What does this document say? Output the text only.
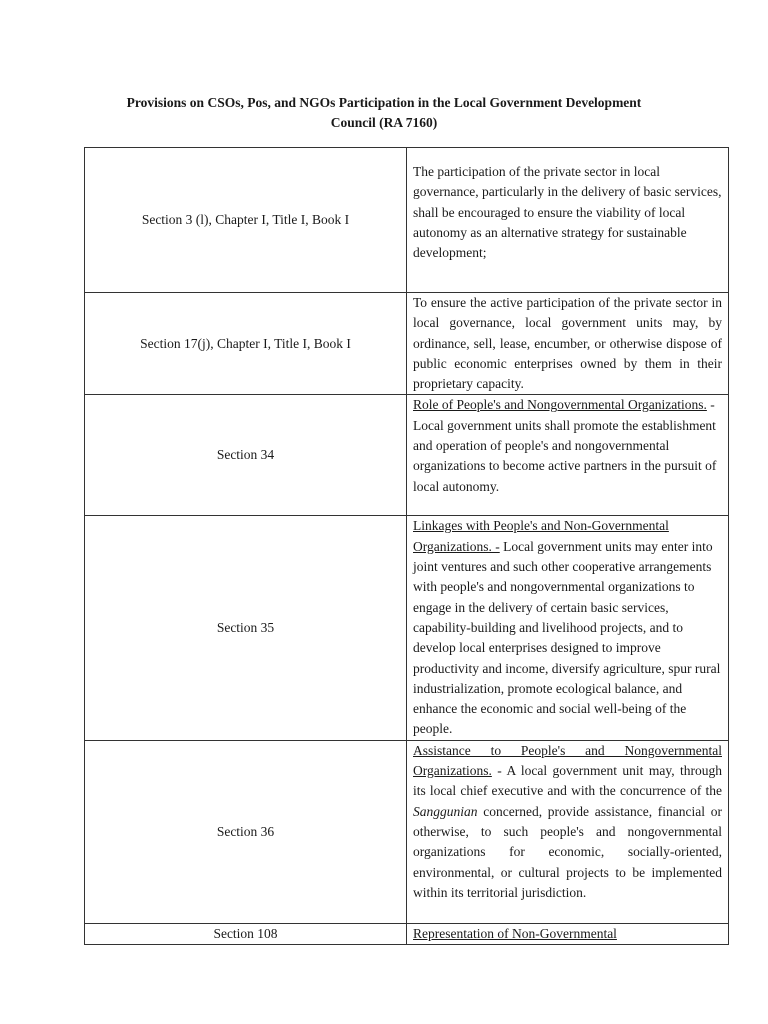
Provisions on CSOs, Pos, and NGOs Participation in the Local Government Development
Council (RA 7160)
Section 3 (l), Chapter I, Title I, Book I	The participation of the private sector in local governance, particularly in the delivery of basic services, shall be encouraged to ensure the viability of local autonomy as an alternative strategy for sustainable development;
Section 17(j), Chapter I, Title I, Book I	To ensure the active participation of the private sector in local governance, local government units may, by ordinance, sell, lease, encumber, or otherwise dispose of public economic enterprises owned by them in their proprietary capacity.
Section 34	Role of People's and Nongovernmental Organizations. - Local government units shall promote the establishment and operation of people's and nongovernmental organizations to become active partners in the pursuit of local autonomy.
Section 35	Linkages with People's and Non-Governmental Organizations. - Local government units may enter into joint ventures and such other cooperative arrangements with people's and nongovernmental organizations to engage in the delivery of certain basic services, capability-building and livelihood projects, and to develop local enterprises designed to improve productivity and income, diversify agriculture, spur rural industrialization, promote ecological balance, and enhance the economic and social well-being of the people.
Section 36	Assistance to People's and Nongovernmental Organizations. - A local government unit may, through its local chief executive and with the concurrence of the Sanggunian concerned, provide assistance, financial or otherwise, to such people's and nongovernmental organizations for economic, socially-oriented, environmental, or cultural projects to be implemented within its territorial jurisdiction.
Section 108	Representation of Non-Governmental
